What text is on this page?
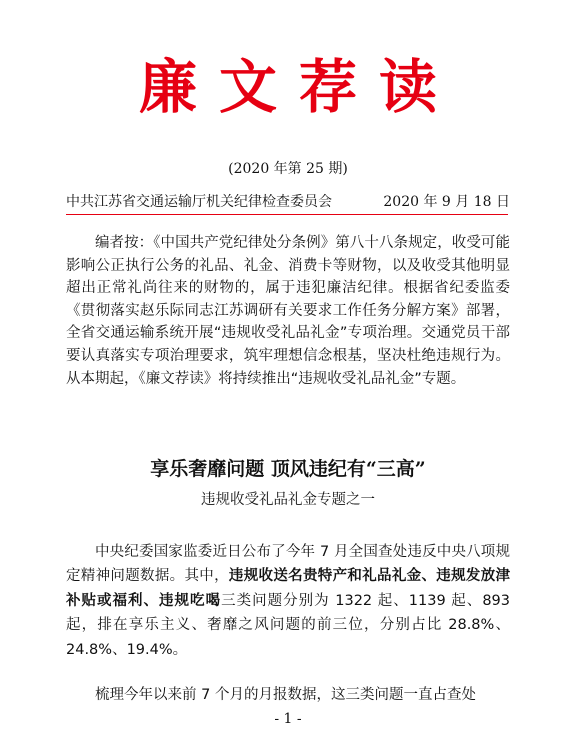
廉文荐读
(2020 年第 25 期)
中共江苏省交通运输厅机关纪律检查委员会	2020 年 9 月 18 日

编者按：《中国共产党纪律处分条例》第八十八条规定，收受可能影响公正执行公务的礼品、礼金、消费卡等财物，以及收受其他明显超出正常礼尚往来的财物的，属于违犯廉洁纪律。根据省纪委监委《贯彻落实赵乐际同志江苏调研有关要求工作任务分解方案》部署，全省交通运输系统开展“违规收受礼品礼金”专项治理。交通党员干部要认真落实专项治理要求，筑牢理想信念根基，坚决杜绝违规行为。从本期起，《廉文荐读》将持续推出“违规收受礼品礼金”专题。

享乐奢靡问题 顶风违纪有“三高”
违规收受礼品礼金专题之一

中央纪委国家监委近日公布了今年 7 月全国查处违反中央八项规定精神问题数据。其中，违规收送名贵特产和礼品礼金、违规发放津补贴或福利、违规吃喝三类问题分别为 1322 起、1139 起、893 起，排在享乐主义、奢靡之风问题的前三位，分别占比 28.8%、24.8%、19.4%。

梳理今年以来前 7 个月的月报数据，这三类问题一直占查处

- 1 -
